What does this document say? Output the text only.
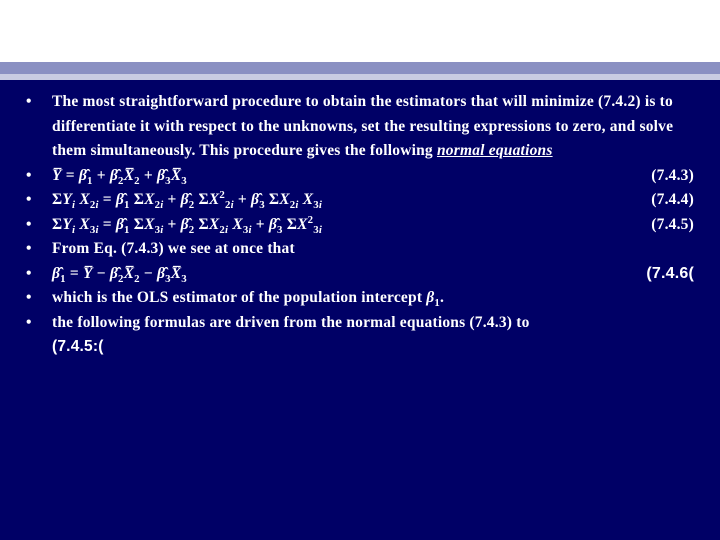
• The most straightforward procedure to obtain the estimators that will minimize (7.4.2) is to differentiate it with respect to the unknowns, set the resulting expressions to zero, and solve them simultaneously. This procedure gives the following normal equations
• Y̅ = $\betâ_1$ + $\betâ_2X̅_2$ + $\betâ_3X̅_3$	(7.4.3)
• $\Sigma Y_i$ $X_{2i}$ = $\betâ_1$ $\Sigma X_{2i}$ + $\betâ_2$ $\Sigma X^2_{2i}$ + $\betâ_3$ $\Sigma X_{2i}$ $X_{3i}$	(7.4.4)
• $\Sigma Y_i$ $X_{3i}$ = $\betâ_1$ $\Sigma X_{3i}$ + $\betâ_2$ $\Sigma X_{2i}$ $X_{3i}$ + $\betâ_3$ $\Sigma X^2_{3i}$	(7.4.5)
• From Eq. (7.4.3) we see at once that
• $\betâ_1$ = Y̅ − $\betâ_2X̅_2$ − $\betâ_3X̅_3$	(7.4.6(
• which is the OLS estimator of the population intercept $\beta_1$.
• the following formulas are driven from the normal equations (7.4.3) to
(7.4.5:(
